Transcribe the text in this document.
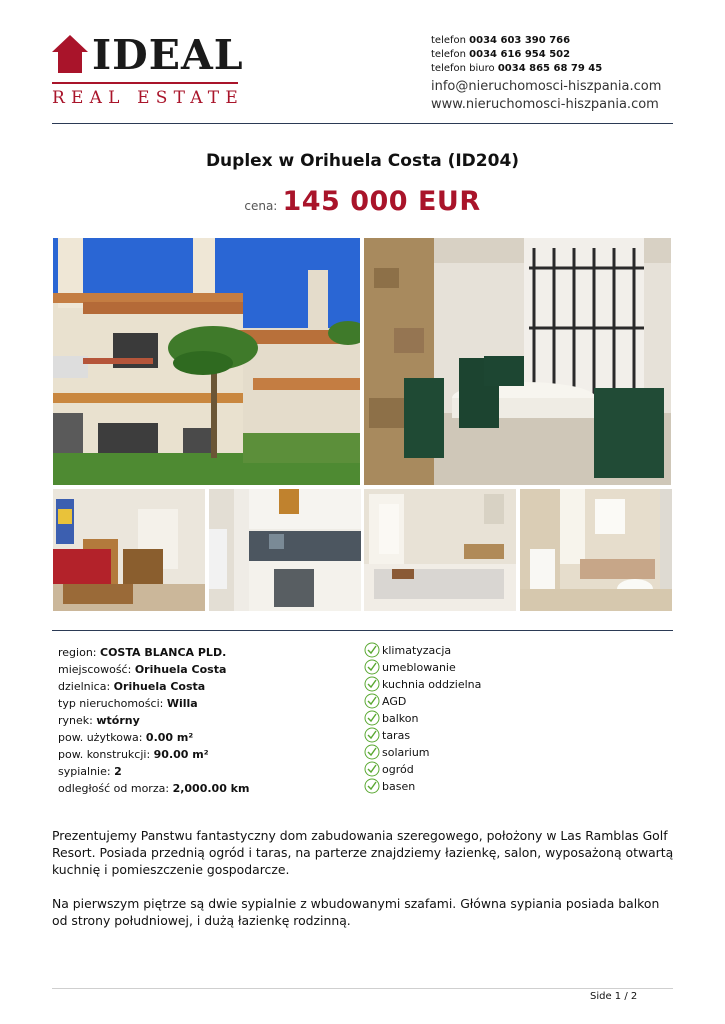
IDEAL
REAL ESTATE
telefon 0034 603 390 766
telefon 0034 616 954 502
telefon biuro 0034 865 68 79 45
info@nieruchomosci-hiszpania.com
www.nieruchomosci-hiszpania.com
Duplex w Orihuela Costa (ID204)
cena: 145 000 EUR
region: COSTA BLANCA PLD.
miejscowość: Orihuela Costa
dzielnica: Orihuela Costa
typ nieruchomości: Willa
rynek: wtórny
pow. użytkowa: 0.00 m²
pow. konstrukcji: 90.00 m²
sypialnie: 2
odległość od morza: 2,000.00 km
klimatyzacja
umeblowanie
kuchnia oddzielna
AGD
balkon
taras
solarium
ogród
basen

Prezentujemy Panstwu fantastyczny dom zabudowania szeregowego, położony w Las Ramblas Golf Resort. Posiada przednią ogród i taras, na parterze znajdziemy łazienkę, salon, wyposażoną otwartą kuchnię i pomieszczenie gospodarcze.

Na pierwszym piętrze są dwie sypialnie z wbudowanymi szafami. Główna sypiania posiada balkon od strony południowej, i dużą łazienkę rodzinną.

Side 1 / 2
